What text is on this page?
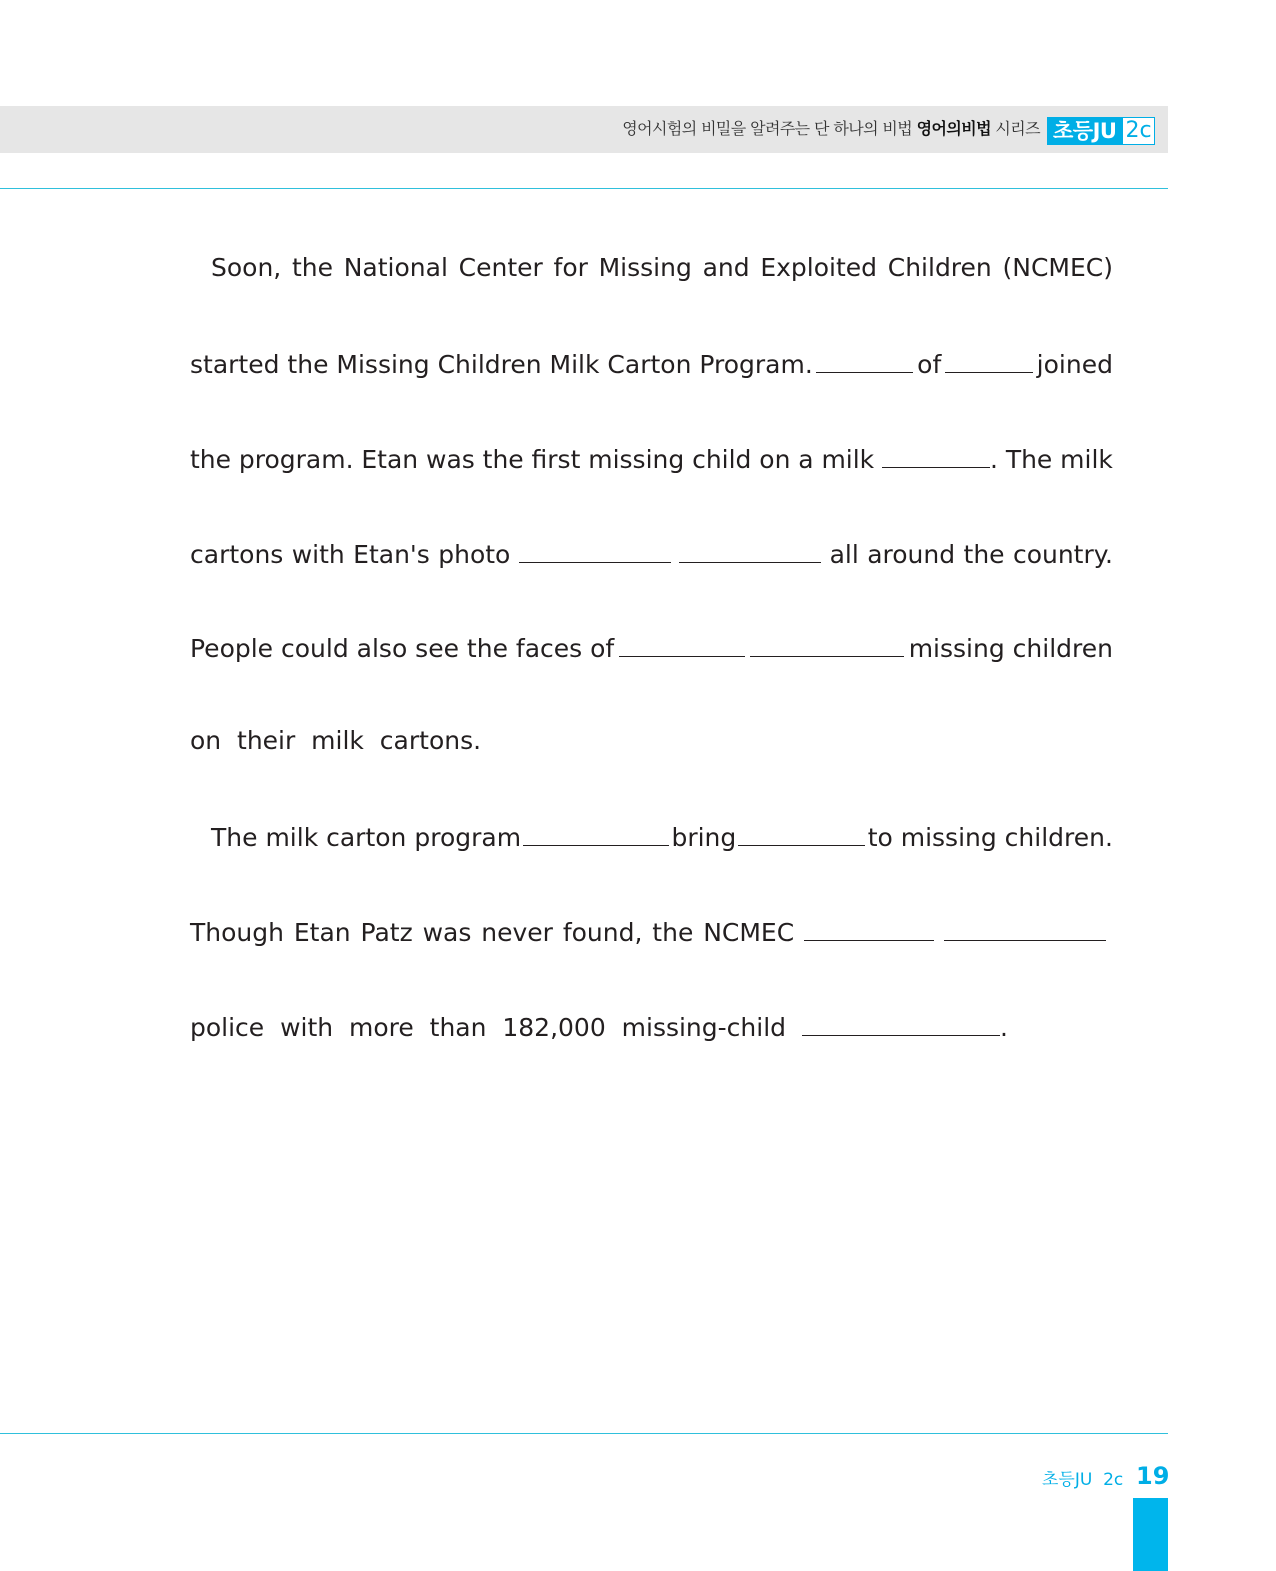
영어시험의 비밀을 알려주는 단 하나의 비법 영어의비법 시리즈 초등JU 2c
Soon, the National Center for Missing and Exploited Children (NCMEC)
started the Missing Children Milk Carton Program.	of	joined
the program. Etan was the first missing child on a milk	. The milk
cartons with Etan's photo	all around the country.
People could also see the faces of	missing children
on  their  milk  cartons.
The milk carton program	bring	to missing children.
Though Etan Patz was never found, the NCMEC
police  with  more  than  182,000  missing-child	.
초등JU  2c 19
